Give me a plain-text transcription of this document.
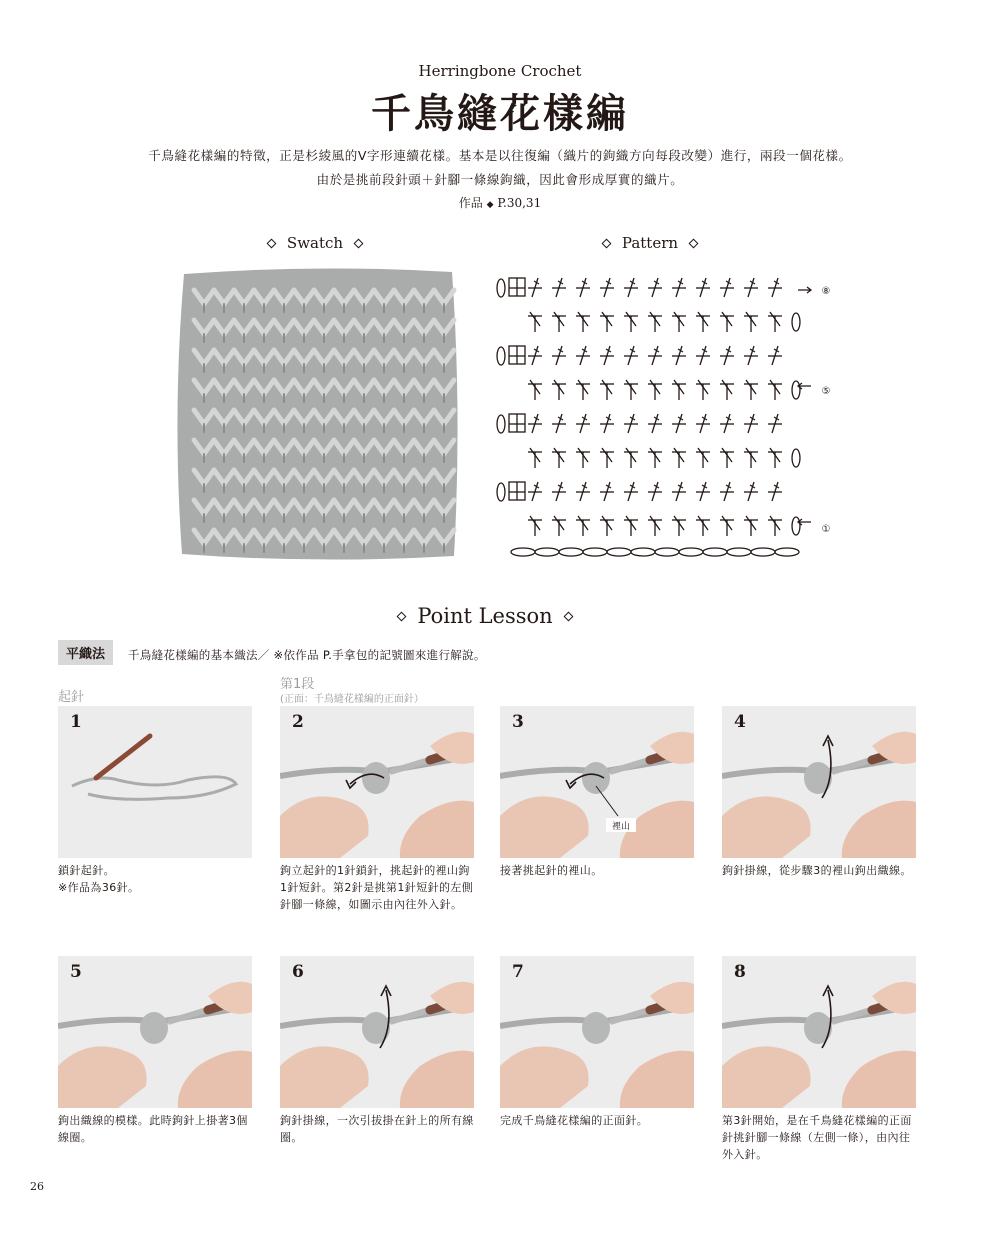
Herringbone Crochet
千鳥縫花樣編
千鳥縫花樣編的特徵，正是杉綾風的V字形連續花樣。基本是以往復編（織片的鉤織方向每段改變）進行，兩段一個花樣。
由於是挑前段針頭＋針腳一條線鉤織，因此會形成厚實的織片。
作品 ◆ P.30,31
Swatch	Pattern
⑧
⑤
①
Point Lesson
平織法	千鳥縫花樣編的基本織法／ ※依作品 P.手拿包的記號圖來進行解說。
起針
第1段
(正面：千鳥縫花樣編的正面針）
1
鎖針起針。
※作品為36針。
2
鉤立起針的1針鎖針，挑起針的裡山鉤1針短針。第2針是挑第1針短針的左側針腳一條線，如圖示由內往外入針。
裡山
3
接著挑起針的裡山。
4
鉤針掛線，從步驟3的裡山鉤出織線。
5
鉤出織線的模樣。此時鉤針上掛著3個線圈。
6
鉤針掛線，一次引拔掛在針上的所有線圈。
7
完成千鳥縫花樣編的正面針。
8
第3針開始，是在千鳥縫花樣編的正面針挑針腳一條線（左側一條），由內往外入針。
26
